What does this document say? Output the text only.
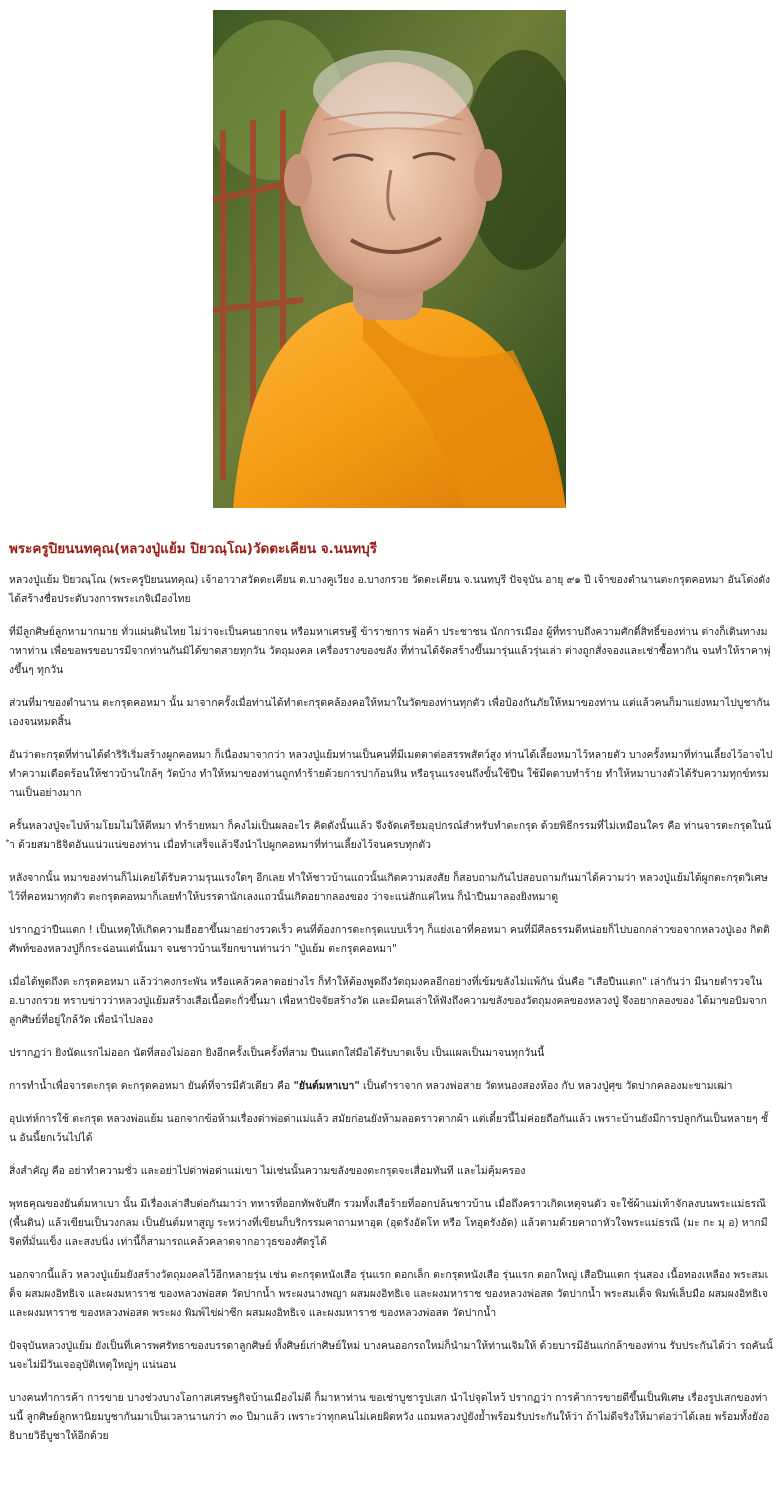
พระครูปิยนนทคุณ(หลวงปู่แย้ม ปิยวณฺโณ)วัดตะเคียน จ.นนทบุรี

หลวงปู่แย้ม ปิยวณฺโณ (พระครูปิยนนทคุณ) เจ้าอาวาสวัดตะเคียน ต.บางคูเวียง อ.บางกรวย วัดตะเคียน จ.นนทบุรี ปัจจุบัน อายุ ๙๑ ปี เจ้าของตำนานตะกรุดคอหมา อันโด่งดัง ได้สร้างชื่อประดับวงการพระเกจิเมืองไทย

ที่มีลูกศิษย์ลูกหามากมาย ทั่วแผ่นดินไทย ไม่ว่าจะเป็นคนยากจน หรือมหาเศรษฐี ข้าราชการ พ่อค้า ประชาชน นักการเมือง ผู้ที่ทราบถึงความศักดิ์สิทธิ์ของท่าน ต่างก็เดินทางมาหาท่าน เพื่อขอพรขอบารมีจากท่านกันมิได้ขาดสายทุกวัน วัตถุมงคล เครื่องรางของขลัง ที่ท่านได้จัดสร้างขึ้นมารุ่นแล้วรุ่นเล่า ต่างถูกสั่งจองและเช่าซื้อหากัน จนทำให้ราคาพุ่งขึ้นๆ ทุกวัน

ส่วนที่มาของตำนาน ตะกรุดคอหมา นั้น มาจากครั้งเมื่อท่านได้ทำตะกรุดคล้องคอให้หมาในวัดของท่านทุกตัว เพื่อป้องกันภัยให้หมาของท่าน แต่แล้วคนก็มาแย่งหมาไปบูชากันเองจนหมดสิ้น

อันว่าตะกรุดที่ท่านได้ดำริริเริ่มสร้างผูกคอหมา ก็เนื่องมาจากว่า หลวงปู่แย้มท่านเป็นคนที่มีเมตตาต่อสรรพสัตว์สูง ท่านได้เลี้ยงหมาไว้หลายตัว บางครั้งหมาที่ท่านเลี้ยงไว้อาจไปทำความเดือดร้อนให้ชาวบ้านใกล้ๆ วัดบ้าง ทำให้หมาของท่านถูกทำร้ายด้วยการปาก้อนหิน หรือรุนแรงจนถึงขั้นใช้ปืน ใช้มีดดาบทำร้าย ทำให้หมาบางตัวได้รับความทุกข์ทรมานเป็นอย่างมาก

ครั้นหลวงปู่จะไปห้ามโยมไม่ให้ตีหมา ทำร้ายหมา ก็คงไม่เป็นผลอะไร คิดดังนั้นแล้ว จึงจัดเตรียมอุปกรณ์สำหรับทำตะกรุด ด้วยพิธีกรรมที่ไม่เหมือนใคร คือ ท่านจารตะกรุดในน้ำ ด้วยสมาธิจิตอันแน่วแน่ของท่าน เมื่อทำเสร็จแล้วจึงนำไปผูกคอหมาที่ท่านเลี้ยงไว้จนครบทุกตัว

หลังจากนั้น หมาของท่านก็ไม่เคยได้รับความรุนแรงใดๆ อีกเลย ทำให้ชาวบ้านแถวนั้นเกิดความสงสัย ก็สอบถามกันไปสอบถามกันมาได้ความว่า หลวงปู่แย้มได้ผูกตะกรุดวิเศษไว้ที่คอหมาทุกตัว ตะกรุดคอหมาก็เลยทำให้บรรดานักเลงแถวนั้นเกิดอยากลองของ ว่าจะแน่สักแค่ไหน ก็นำปืนมาลองยิงหมาดู

ปรากฏว่าปืนแตก ! เป็นเหตุให้เกิดความฮือฮาขึ้นมาอย่างรวดเร็ว คนที่ต้องการตะกรุดแบบเร็วๆ ก็แย่งเอาที่คอหมา คนที่มีศีลธรรมดีหน่อยก็ไปบอกกล่าวขอจากหลวงปู่เอง กิตติศัพท์ของหลวงปู่ก็กระฉ่อนแต่นั้นมา จนชาวบ้านเรียกขานท่านว่า "ปู่แย้ม ตะกรุดคอหมา"

เมื่อได้พูดถึงต ะกรุดคอหมา แล้วว่าคงกระพัน หรือแคล้วคลาดอย่างไร ก็ทำให้ต้องพูดถึงวัตถุมงคลอีกอย่างที่เข้มขลังไม่แพ้กัน นั่นคือ "เสือปืนแตก" เล่ากันว่า มีนายตำรวจใน อ.บางกรวย ทราบข่าวว่าหลวงปู่แย้มสร้างเสือเนื้อตะกั่วขึ้นมา เพื่อหาปัจจัยสร้างวัด และมีคนเล่าให้ฟังถึงความขลังของวัตถุมงคลของหลวงปู่ จึงอยากลองของ ได้มาขอบิมจากลูกศิษย์ที่อยู่ใกล้วัด เพื่อนำไปลอง

ปรากฏว่า ยิงนัดแรกไม่ออก นัดที่สองไม่ออก ยิงอีกครั้งเป็นครั้งที่สาม ปืนแตกใส่มือได้รับบาดเจ็บ เป็นแผลเป็นมาจนทุกวันนี้

การทำน้ำเพื่อจารตะกรุด ตะกรุดคอหมา ยันต์ที่จารมีตัวเดียว คือ "ยันต์มหาเบา" เป็นตำราจาก หลวงพ่อสาย วัดหนองสองห้อง กับ หลวงปู่ศุข วัดปากคลองมะขามเฒ่า

อุปเท่ห์การใช้ ตะกรุด หลวงพ่อแย้ม นอกจากข้อห้ามเรื่องด่าพ่อด่าแม่แล้ว สมัยก่อนยังห้ามลอดราวตากผ้า แต่เดี๋ยวนี้ไม่ค่อยถือกันแล้ว เพราะบ้านยังมีการปลูกกันเป็นหลายๆ ชั้น อันนี้ยกเว้นไปได้

สิ่งสำคัญ คือ อย่าทำความชั่ว และอย่าไปด่าพ่อด่าแม่เขา ไม่เช่นนั้นความขลังของตะกรุดจะเสื่อมทันที และไม่คุ้มครอง

พุทธคุณของยันต์มหาเบา นั้น มีเรื่องเล่าสืบต่อกันมาว่า ทหารที่ออกทัพจับศึก รวมทั้งเสือร้ายที่ออกปล้นชาวบ้าน เมื่อถึงคราวเกิดเหตุจนตัว จะใช้ผ้าแม่เท้าจักลงบนพระแม่ธรณี (พื้นดิน) แล้วเขียนเป็นวงกลม เป็นยันต์มหาสูญ ระหว่างที่เขียนก็บริกรรมคาถามหาอุด (อุดรังอัดโท หรือ โทอุดรังอัด) แล้วตามด้วยคาถาหัวใจพระแม่ธรณี (มะ กะ มุ อ) หากมีจิตที่มั่นแข็ง และสงบนิ่ง เท่านี้ก็สามารถแคล้วคลาดจากอาวุธของศัตรูได้

นอกจากนี้แล้ว หลวงปู่แย้มยังสร้างวัตถุมงคลไว้อีกหลายรุ่น เช่น ตะกรุดหนังเสือ รุ่นแรก ดอกเล็ก ตะกรุดหนังเสือ รุ่นแรก ดอกใหญ่ เสือปืนแตก รุ่นสอง เนื้อทองเหลือง พระสมเด็จ ผสมผงอิทธิเจ และผงมหาราช ของหลวงพ่อสด วัดปากน้ำ พระผงนางพญา ผสมผงอิทธิเจ และผงมหาราช ของหลวงพ่อสด วัดปากน้ำ พระสมเด็จ พิมพ์เล็บมือ ผสมผงอิทธิเจ และผงมหาราช ของหลวงพ่อสด พระผง พิมพ์ไข่ผ่าซีก ผสมผงอิทธิเจ และผงมหาราช ของหลวงพ่อสด วัดปากน้ำ

ปัจจุบันหลวงปู่แย้ม ยังเป็นที่เคารพศรัทธาของบรรดาลูกศิษย์ ทั้งศิษย์เก่าศิษย์ใหม่ บางคนออกรถใหม่ก็นำมาให้ท่านเจิมให้ ด้วยบารมีอันแก่กล้าของท่าน รับประกันได้ว่า รถคันนั้นจะไม่มีวันเจออุบัติเหตุใหญ่ๆ แน่นอน

บางคนทำการค้า การขาย บางช่วงบางโอกาสเศรษฐกิจบ้านเมืองไม่ดี ก็มาหาท่าน ขอเช่าบูชารูปเสก นำไปจุดไหว้ ปรากฏว่า การค้าการขายดีขึ้นเป็นพิเศษ เรื่องรูปเสกของท่านนี้ ลูกศิษย์ลูกหานิยมบูชากันมาเป็นเวลานานกว่า ๓๐ ปีมาแล้ว เพราะว่าทุกคนไม่เคยผิดหวัง แถมหลวงปู่ยังย้ำพร้อมรับประกันให้ว่า ถ้าไม่ดีจริงให้มาต่อว่าได้เลย พร้อมทั้งยังอธิบายวิธีบูชาให้อีกด้วย
